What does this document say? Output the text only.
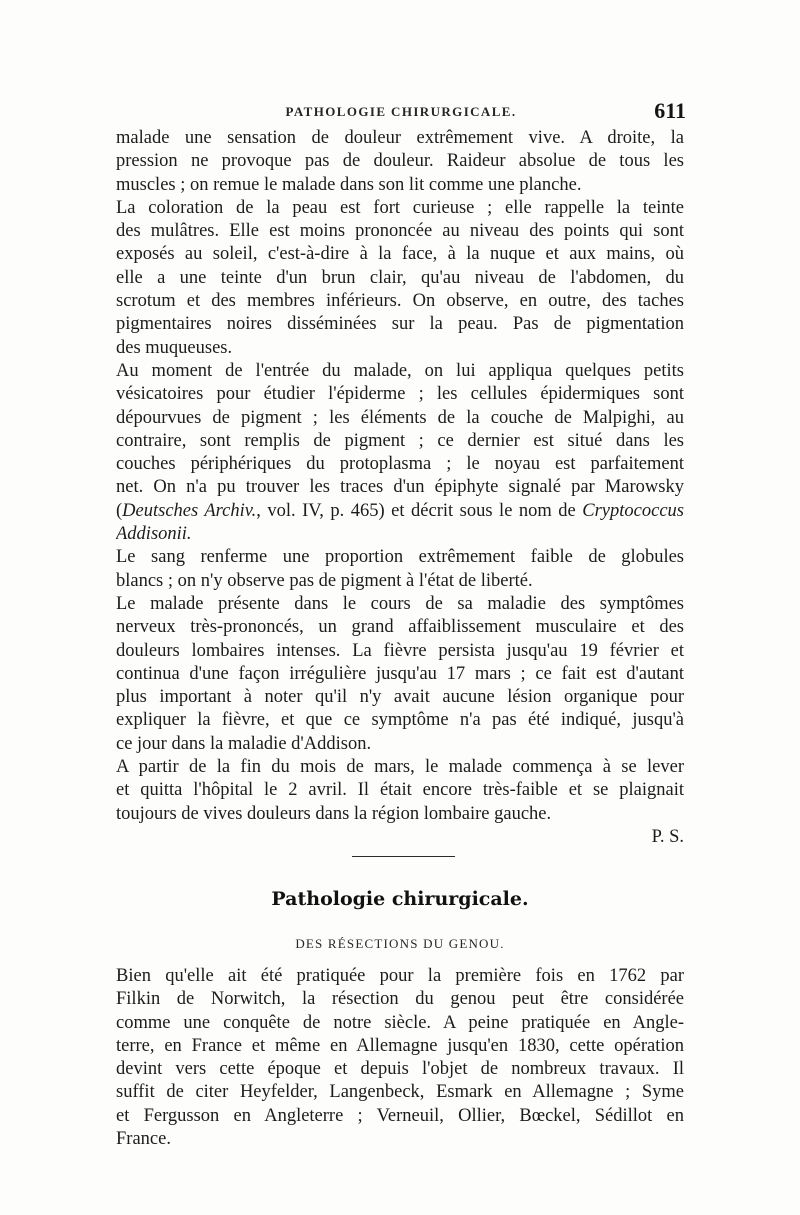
PATHOLOGIE CHIRURGICALE.	611
malade une sensation de douleur extrêmement vive. A droite, la
pression ne provoque pas de douleur. Raideur absolue de tous les
muscles ; on remue le malade dans son lit comme une planche.
La coloration de la peau est fort curieuse ; elle rappelle la teinte
des mulâtres. Elle est moins prononcée au niveau des points qui sont
exposés au soleil, c'est-à-dire à la face, à la nuque et aux mains, où
elle a une teinte d'un brun clair, qu'au niveau de l'abdomen, du
scrotum et des membres inférieurs. On observe, en outre, des taches
pigmentaires noires disséminées sur la peau. Pas de pigmentation
des muqueuses.
Au moment de l'entrée du malade, on lui appliqua quelques petits
vésicatoires pour étudier l'épiderme ; les cellules épidermiques sont
dépourvues de pigment ; les éléments de la couche de Malpighi, au
contraire, sont remplis de pigment ; ce dernier est situé dans les
couches périphériques du protoplasma ; le noyau est parfaitement
net. On n'a pu trouver les traces d'un épiphyte signalé par Marowsky
(Deutsches Archiv., vol. IV, p. 465) et décrit sous le nom de Cryptococcus
Addisonii.
Le sang renferme une proportion extrêmement faible de globules
blancs ; on n'y observe pas de pigment à l'état de liberté.
Le malade présente dans le cours de sa maladie des symptômes
nerveux très-prononcés, un grand affaiblissement musculaire et des
douleurs lombaires intenses. La fièvre persista jusqu'au 19 février et
continua d'une façon irrégulière jusqu'au 17 mars ; ce fait est d'autant
plus important à noter qu'il n'y avait aucune lésion organique pour
expliquer la fièvre, et que ce symptôme n'a pas été indiqué, jusqu'à
ce jour dans la maladie d'Addison.
A partir de la fin du mois de mars, le malade commença à se lever
et quitta l'hôpital le 2 avril. Il était encore très-faible et se plaignait
toujours de vives douleurs dans la région lombaire gauche.
P. S.
Pathologie chirurgicale.
DES RÉSECTIONS DU GENOU.
Bien qu'elle ait été pratiquée pour la première fois en 1762 par
Filkin de Norwitch, la résection du genou peut être considérée
comme une conquête de notre siècle. A peine pratiquée en Angle-
terre, en France et même en Allemagne jusqu'en 1830, cette opération
devint vers cette époque et depuis l'objet de nombreux travaux. Il
suffit de citer Heyfelder, Langenbeck, Esmark en Allemagne ; Syme
et Fergusson en Angleterre ; Verneuil, Ollier, Bœckel, Sédillot en
France.
